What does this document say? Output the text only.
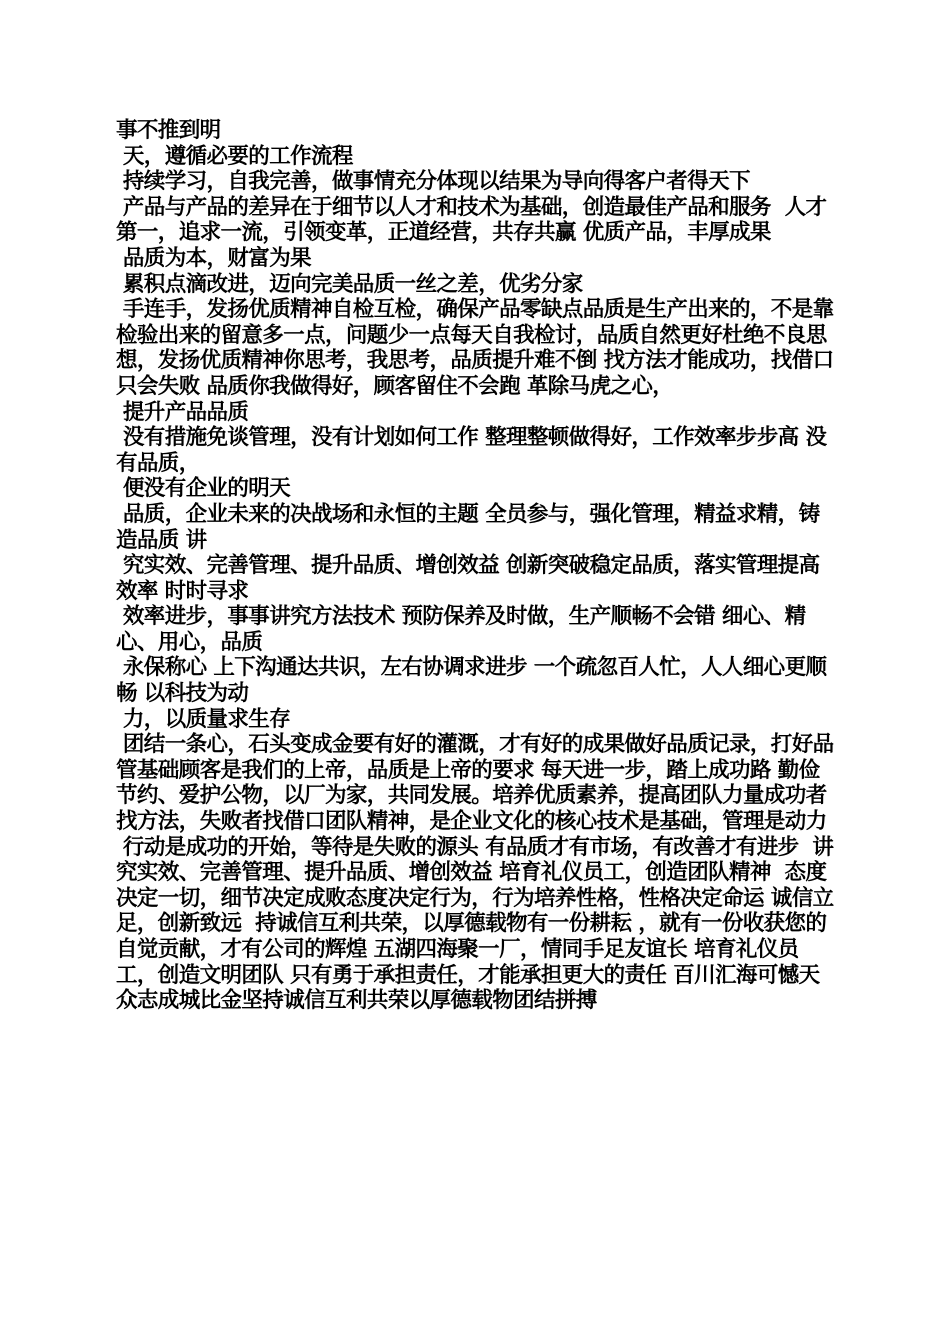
事不推到明

天，遵循必要的工作流程

持续学习，自我完善，做事情充分体现以结果为导向得客户者得天下

产品与产品的差异在于细节以人才和技术为基础，创造最佳产品和服务  人才第一，追求一流，引领变革，正道经营，共存共赢 优质产品，丰厚成果

品质为本，财富为果

累积点滴改进，迈向完美品质一丝之差，优劣分家

手连手，发扬优质精神自检互检，确保产品零缺点品质是生产出来的，不是靠检验出来的留意多一点，问题少一点每天自我检讨，品质自然更好杜绝不良思想，发扬优质精神你思考，我思考，品质提升难不倒 找方法才能成功，找借口只会失败 品质你我做得好，顾客留住不会跑 革除马虎之心，

提升产品品质

没有措施免谈管理，没有计划如何工作 整理整顿做得好，工作效率步步高 没有品质，

便没有企业的明天

品质，企业未来的决战场和永恒的主题 全员参与，强化管理，精益求精，铸造品质 讲

究实效、完善管理、提升品质、增创效益 创新突破稳定品质，落实管理提高效率 时时寻求

效率进步，事事讲究方法技术 预防保养及时做，生产顺畅不会错 细心、精心、用心，品质

永保称心 上下沟通达共识，左右协调求进步 一个疏忽百人忙，人人细心更顺畅 以科技为动

力，以质量求生存

团结一条心，石头变成金要有好的灌溉，才有好的成果做好品质记录，打好品管基础顾客是我们的上帝，品质是上帝的要求 每天进一步，踏上成功路 勤俭节约、爱护公物，以厂为家，共同发展。培养优质素养，提高团队力量成功者找方法，失败者找借口团队精神，是企业文化的核心技术是基础，管理是动力

行动是成功的开始，等待是失败的源头 有品质才有市场，有改善才有进步  讲究实效、完善管理、提升品质、增创效益 培育礼仪员工，创造团队精神  态度决定一切，细节决定成败态度决定行为，行为培养性格，性格决定命运 诚信立足，创新致远  持诚信互利共荣，以厚德载物有一份耕耘 ，就有一份收获您的自觉贡献，才有公司的辉煌 五湖四海聚一厂，情同手足友谊长 培育礼仪员工，创造文明团队 只有勇于承担责任，才能承担更大的责任 百川汇海可憾天 众志成城比金坚持诚信互利共荣以厚德载物团结拼搏
